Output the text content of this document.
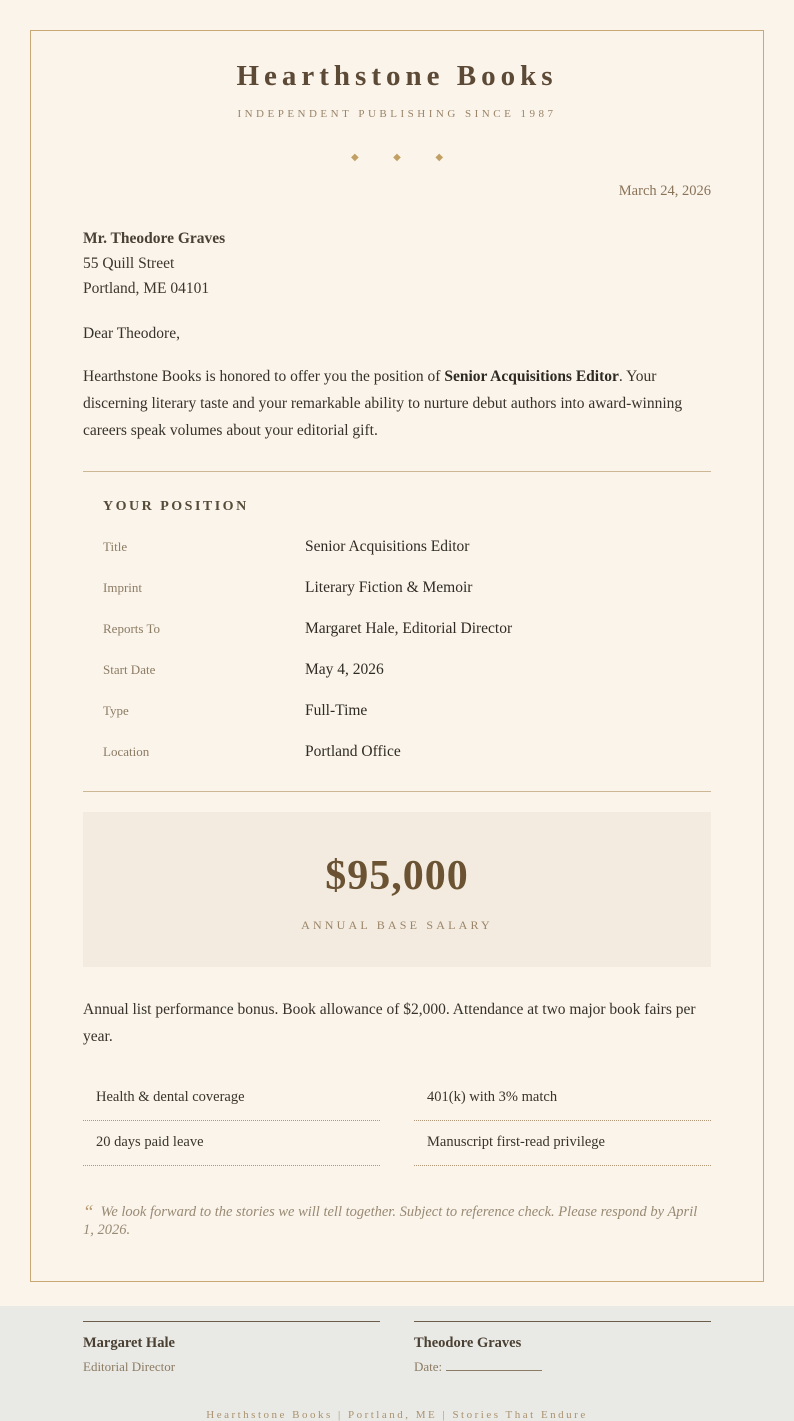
Hearthstone Books
INDEPENDENT PUBLISHING SINCE 1987
◆ ◆ ◆
March 24, 2026
Mr. Theodore Graves
55 Quill Street
Portland, ME 04101
Dear Theodore,

Hearthstone Books is honored to offer you the position of Senior Acquisitions Editor. Your discerning literary taste and your remarkable ability to nurture debut authors into award-winning careers speak volumes about your editorial gift.

YOUR POSITION
Title	Senior Acquisitions Editor
Imprint	Literary Fiction & Memoir
Reports To	Margaret Hale, Editorial Director
Start Date	May 4, 2026
Type	Full-Time
Location	Portland Office
$95,000
ANNUAL BASE SALARY

Annual list performance bonus. Book allowance of $2,000. Attendance at two major book fairs per year.

Health & dental coverage	401(k) with 3% match
20 days paid leave	Manuscript first-read privilege
“ We look forward to the stories we will tell together. Subject to reference check. Please respond by April 1, 2026.
Margaret Hale
Editorial Director
Theodore Graves
Date:
Hearthstone Books | Portland, ME | Stories That Endure
